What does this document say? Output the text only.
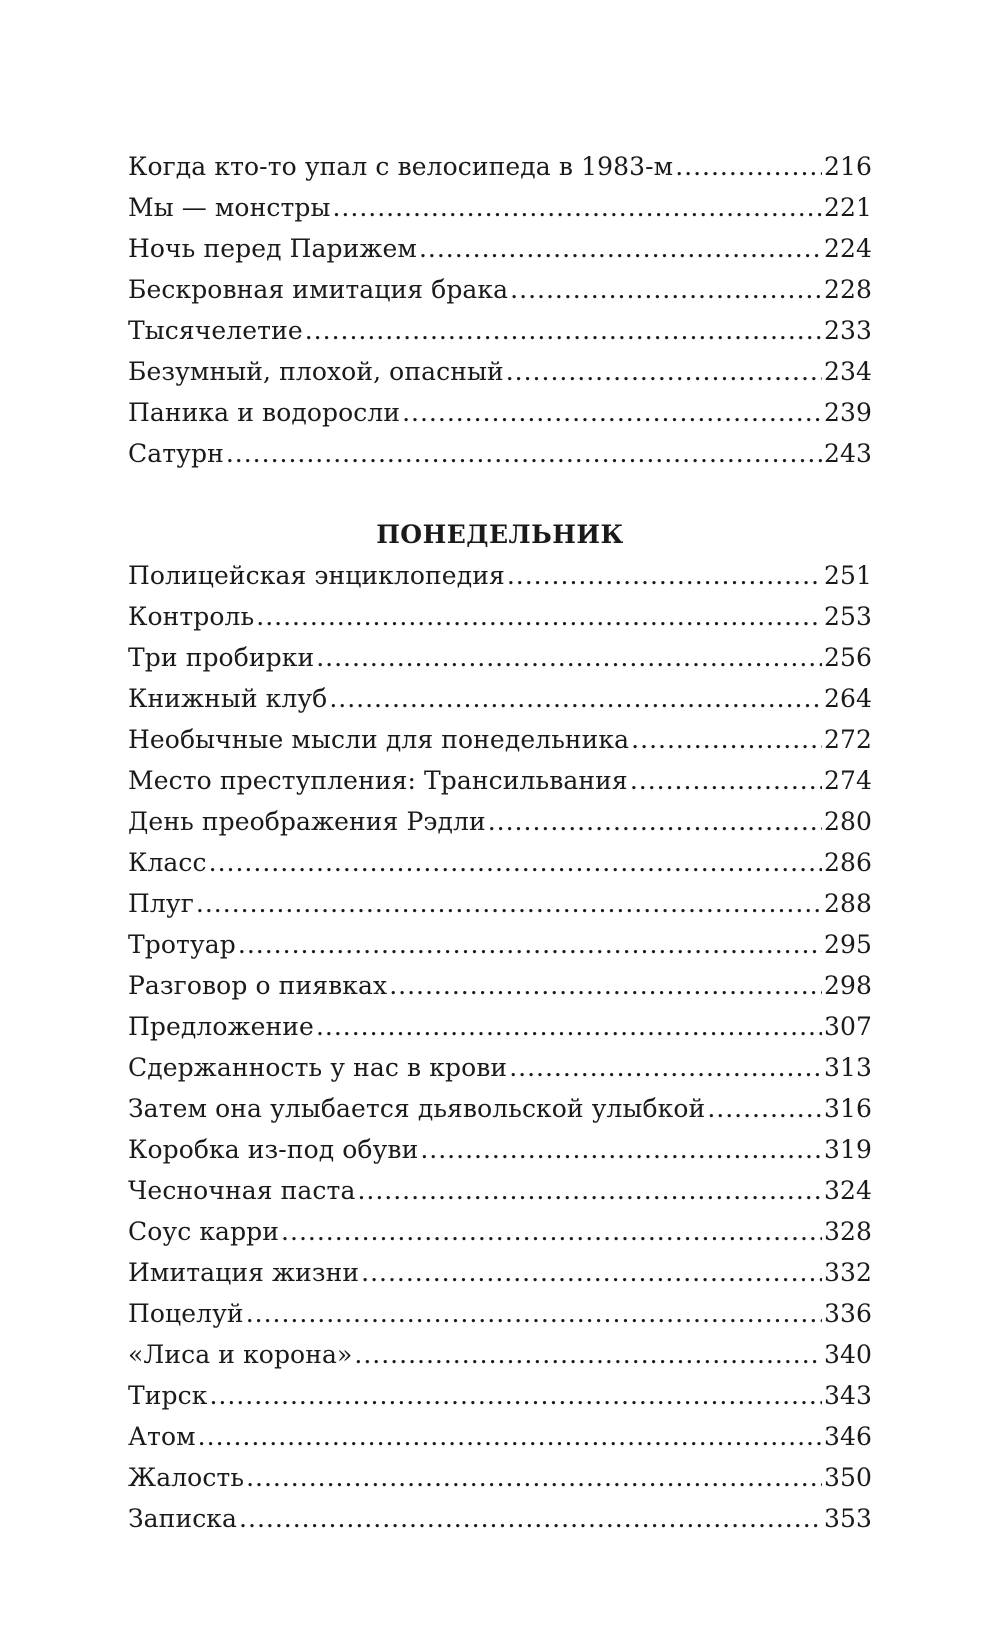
Когда кто-то упал с велосипеда в 1983-м .....	216
Мы — монстры .....	221
Ночь перед Парижем .....	224
Бескровная имитация брака .....	228
Тысячелетие .....	233
Безумный, плохой, опасный .....	234
Паника и водоросли .....	239
Сатурн .....	243
ПОНЕДЕЛЬНИК
Полицейская энциклопедия .....	251
Контроль .....	253
Три пробирки .....	256
Книжный клуб .....	264
Необычные мысли для понедельника .....	272
Место преступления: Трансильвания .....	274
День преображения Рэдли .....	280
Класс .....	286
Плуг .....	288
Тротуар .....	295
Разговор о пиявках .....	298
Предложение .....	307
Сдержанность у нас в крови .....	313
Затем она улыбается дьявольской улыбкой .....	316
Коробка из-под обуви .....	319
Чесночная паста .....	324
Соус карри .....	328
Имитация жизни .....	332
Поцелуй .....	336
«Лиса и корона» .....	340
Тирск .....	343
Атом .....	346
Жалость .....	350
Записка .....	353
